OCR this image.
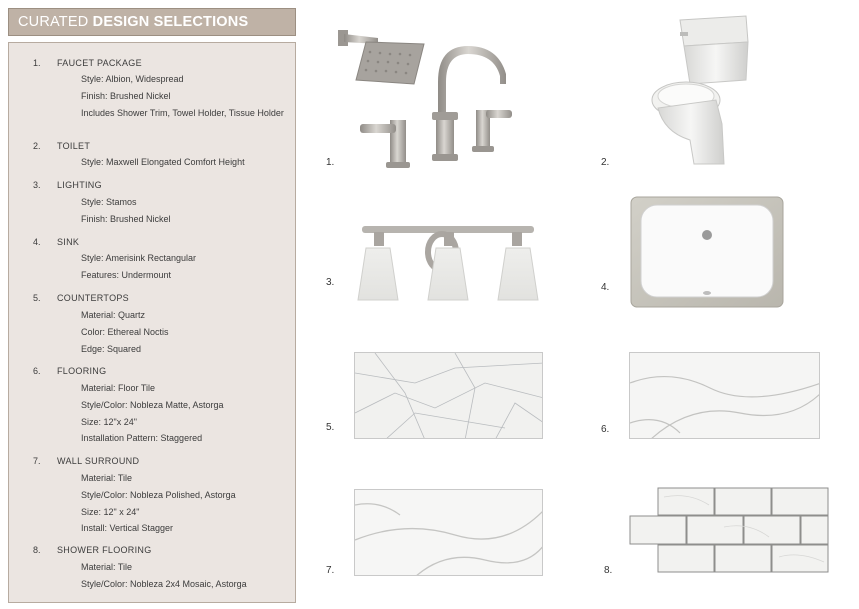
CURATED DESIGN SELECTIONS
1. FAUCET PACKAGE
Style: Albion, Widespread
Finish: Brushed Nickel
Includes Shower Trim, Towel Holder, Tissue Holder
2. TOILET
Style: Maxwell Elongated Comfort Height
3. LIGHTING
Style: Stamos
Finish: Brushed Nickel
4. SINK
Style: Amerisink Rectangular
Features: Undermount
5. COUNTERTOPS
Material: Quartz
Color: Ethereal Noctis
Edge: Squared
6. FLOORING
Material: Floor Tile
Style/Color: Nobleza Matte, Astorga
Size: 12"x 24"
Installation Pattern: Staggered
7. WALL SURROUND
Material: Tile
Style/Color: Nobleza Polished, Astorga
Size: 12" x 24"
Install: Vertical Stagger
8. SHOWER FLOORING
Material: Tile
Style/Color: Nobleza 2x4 Mosaic, Astorga
1.	2.
3.	4.
5.	6.
7.	8.
